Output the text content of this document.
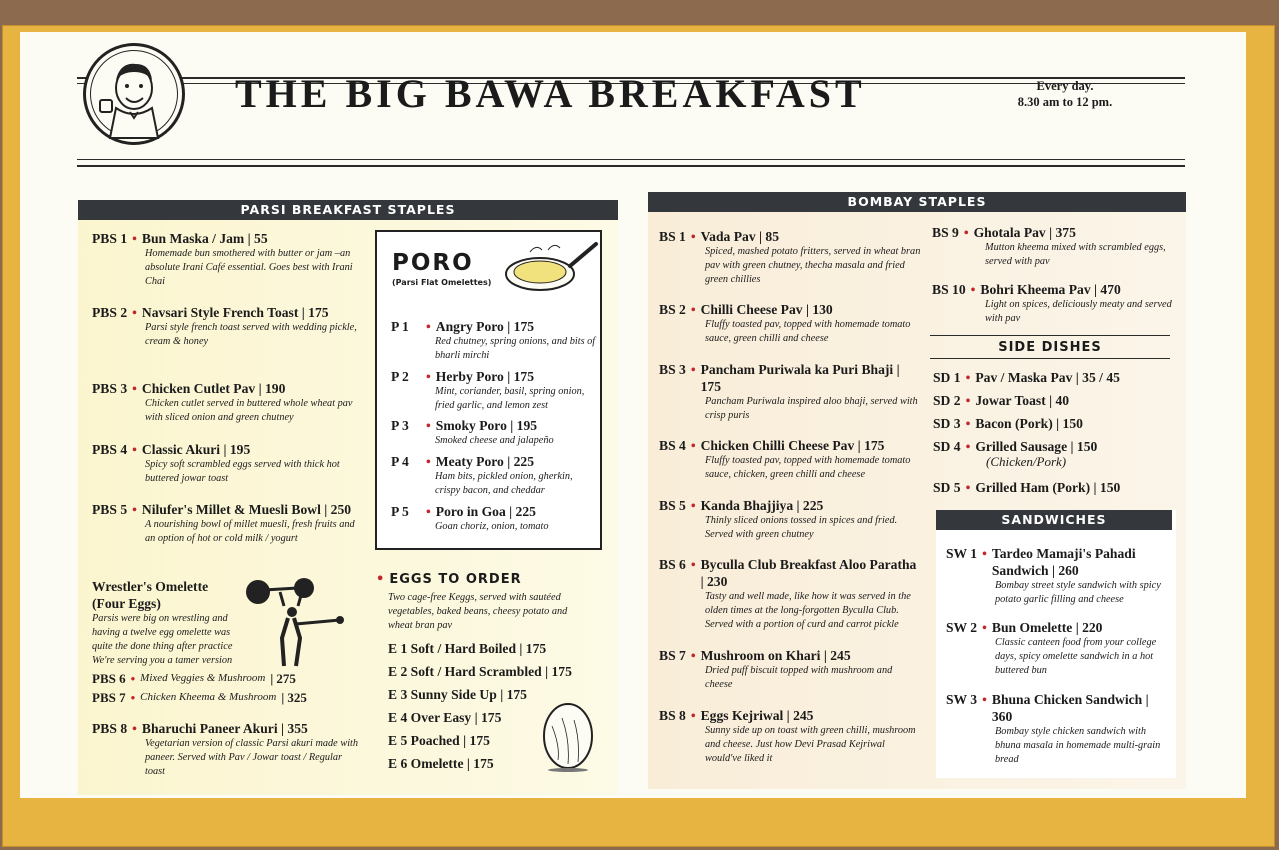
THE BIG BAWA BREAKFAST	Every day.
8.30 am to 12 pm.
PARSI BREAKFAST STAPLES
Wrestler's Omelette
(Four Eggs)
Parsis were big on wrestling and having a twelve egg omelette was quite the done thing after practice We're serving you a tamer version
PBS 6 • Mixed Veggies & Mushroom | 275
PBS 7 • Chicken Kheema & Mushroom | 325
PBS 8 • Bharuchi Paneer Akuri | 355
Vegetarian version of classic Parsi akuri made with paneer. Served with Pav / Jowar toast / Regular toast
PORO
(Parsi Flat Omelettes)
• EGGS TO ORDER
Two cage-free Keggs, served with sautéed vegetables, baked beans, cheesy potato and wheat bran pav
BOMBAY STAPLES
SIDE DISHES
SANDWICHES
PBS 1 • Bun Maska / Jam | 55
Homemade bun smothered with butter or jam –an absolute Irani Café essential. Goes best with Irani Chai
PBS 2 • Navsari Style French Toast | 175
Parsi style french toast served with wedding pickle, cream & honey
PBS 3 • Chicken Cutlet Pav | 190
Chicken cutlet served in buttered whole wheat pav with sliced onion and green chutney
PBS 4 • Classic Akuri | 195
Spicy soft scrambled eggs served with thick hot buttered jowar toast
PBS 5 • Nilufer's Millet & Muesli Bowl | 250
A nourishing bowl of millet muesli, fresh fruits and an option of hot or cold milk / yogurt
P 1	• Angry Poro | 175
Red chutney, spring onions, and bits of bharli mirchi
P 2	• Herby Poro | 175
Mint, coriander, basil, spring onion, fried garlic, and lemon zest
P 3	• Smoky Poro | 195
Smoked cheese and jalapeño
P 4	• Meaty Poro | 225
Ham bits, pickled onion, gherkin, crispy bacon, and cheddar
P 5	• Poro in Goa | 225
Goan choriz, onion, tomato
E 1 Soft / Hard Boiled | 175
E 2 Soft / Hard Scrambled | 175
E 3 Sunny Side Up | 175
E 4 Over Easy | 175
E 5 Poached | 175
E 6 Omelette | 175
BS 1 • Vada Pav | 85
Spiced, mashed potato fritters, served in wheat bran pav with green chutney, thecha masala and fried green chillies
BS 2 • Chilli Cheese Pav | 130
Fluffy toasted pav, topped with homemade tomato sauce, green chilli and cheese
BS 3 • Pancham Puriwala ka Puri Bhaji | 175
Pancham Puriwala inspired aloo bhaji, served with crisp puris
BS 4 • Chicken Chilli Cheese Pav | 175
Fluffy toasted pav, topped with homemade tomato sauce, chicken, green chilli and cheese
BS 5 • Kanda Bhajjiya | 225
Thinly sliced onions tossed in spices and fried. Served with green chutney
BS 6 • Byculla Club Breakfast Aloo Paratha | 230
Tasty and well made, like how it was served in the olden times at the long-forgotten Byculla Club. Served with a portion of curd and carrot pickle
BS 7 • Mushroom on Khari | 245
Dried puff biscuit topped with mushroom and cheese
BS 8 • Eggs Kejriwal | 245
Sunny side up on toast with green chilli, mushroom and cheese. Just how Devi Prasad Kejriwal would've liked it
BS 9 • Ghotala Pav | 375
Mutton kheema mixed with scrambled eggs, served with pav
BS 10 • Bohri Kheema Pav | 470
Light on spices, deliciously meaty and served with pav
SD 1 • Pav / Maska Pav | 35 / 45
SD 2 • Jowar Toast | 40
SD 3 • Bacon (Pork) | 150
SD 4 • Grilled Sausage | 150
(Chicken/Pork)
SD 5 • Grilled Ham (Pork) | 150
SW 1 • Tardeo Mamaji's Pahadi Sandwich | 260
Bombay street style sandwich with spicy potato garlic filling and cheese
SW 2 • Bun Omelette | 220
Classic canteen food from your college days, spicy omelette sandwich in a hot buttered bun
SW 3 • Bhuna Chicken Sandwich | 360
Bombay style chicken sandwich with bhuna masala in homemade multi-grain bread
